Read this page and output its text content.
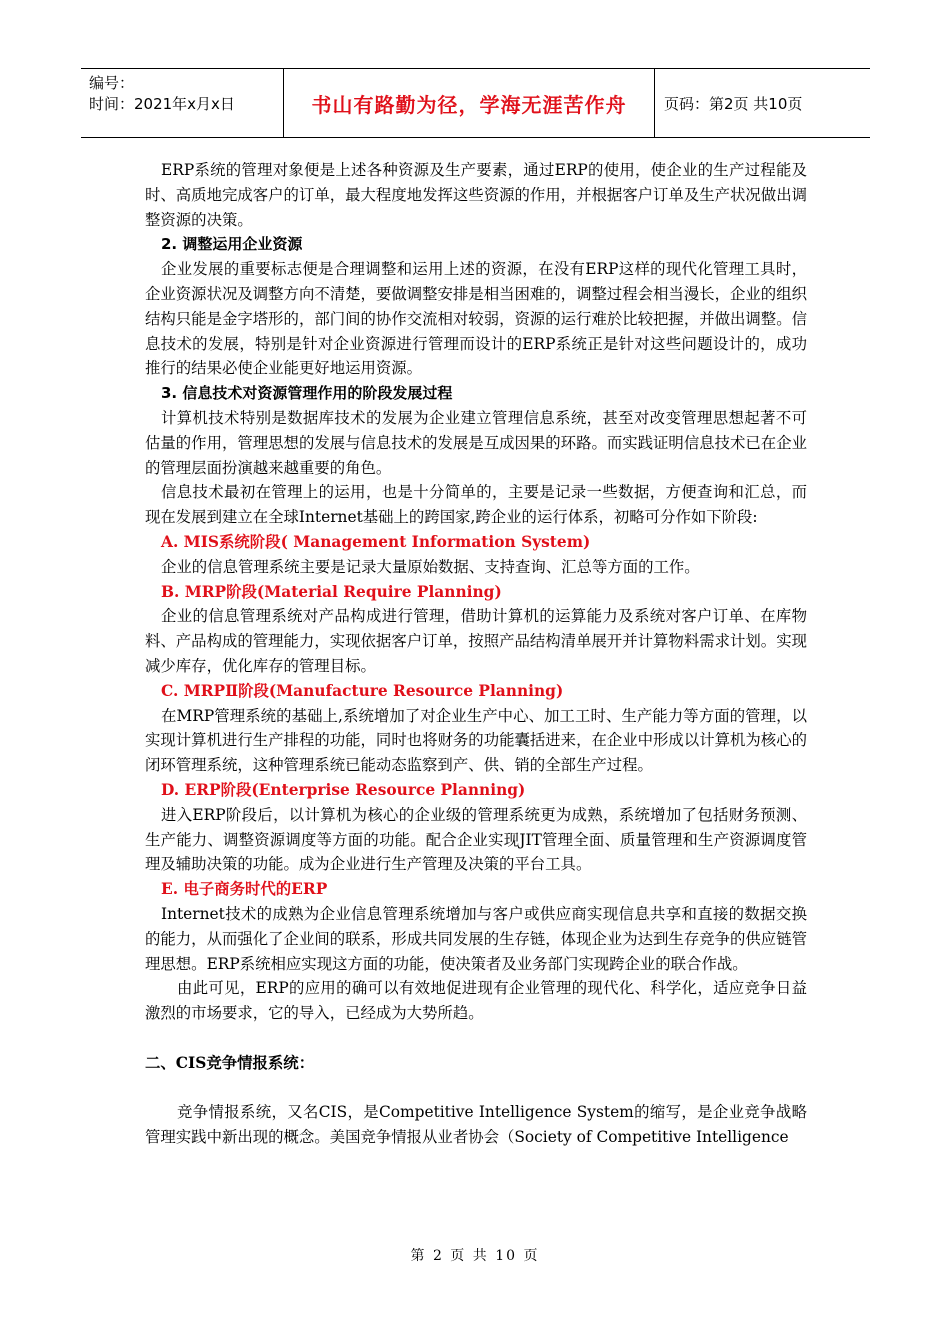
编号：
时间：2021年x月x日	书山有路勤为径，学海无涯苦作舟	页码：第2页 共10页

ERP系统的管理对象便是上述各种资源及生产要素，通过ERP的使用，使企业的生产过程能及时、高质地完成客户的订单，最大程度地发挥这些资源的作用，并根据客户订单及生产状况做出调整资源的决策。

2. 调整运用企业资源

企业发展的重要标志便是合理调整和运用上述的资源，在没有ERP这样的现代化管理工具时，企业资源状况及调整方向不清楚，要做调整安排是相当困难的，调整过程会相当漫长，企业的组织结构只能是金字塔形的，部门间的协作交流相对较弱，资源的运行难於比较把握，并做出调整。信息技术的发展，特别是针对企业资源进行管理而设计的ERP系统正是针对这些问题设计的，成功推行的结果必使企业能更好地运用资源。

3. 信息技术对资源管理作用的阶段发展过程

计算机技术特别是数据库技术的发展为企业建立管理信息系统，甚至对改变管理思想起著不可估量的作用，管理思想的发展与信息技术的发展是互成因果的环路。而实践证明信息技术已在企业的管理层面扮演越来越重要的角色。

信息技术最初在管理上的运用，也是十分简单的，主要是记录一些数据，方便查询和汇总，而现在发展到建立在全球Internet基础上的跨国家,跨企业的运行体系，初略可分作如下阶段:

A. MIS系统阶段( Management Information System)

企业的信息管理系统主要是记录大量原始数据、支持查询、汇总等方面的工作。

B. MRP阶段(Material Require Planning)

企业的信息管理系统对产品构成进行管理，借助计算机的运算能力及系统对客户订单、在库物料、产品构成的管理能力，实现依据客户订单，按照产品结构清单展开并计算物料需求计划。实现减少库存，优化库存的管理目标。

C. MRPⅡ阶段(Manufacture Resource Planning)

在MRP管理系统的基础上,系统增加了对企业生产中心、加工工时、生产能力等方面的管理，以实现计算机进行生产排程的功能，同时也将财务的功能囊括进来，在企业中形成以计算机为核心的闭环管理系统，这种管理系统已能动态监察到产、供、销的全部生产过程。

D. ERP阶段(Enterprise Resource Planning)

进入ERP阶段后，以计算机为核心的企业级的管理系统更为成熟，系统增加了包括财务预测、生产能力、调整资源调度等方面的功能。配合企业实现JIT管理全面、质量管理和生产资源调度管理及辅助决策的功能。成为企业进行生产管理及决策的平台工具。

E. 电子商务时代的ERP

Internet技术的成熟为企业信息管理系统增加与客户或供应商实现信息共享和直接的数据交换的能力，从而强化了企业间的联系，形成共同发展的生存链，体现企业为达到生存竞争的供应链管理思想。ERP系统相应实现这方面的功能，使决策者及业务部门实现跨企业的联合作战。

由此可见，ERP的应用的确可以有效地促进现有企业管理的现代化、科学化，适应竞争日益激烈的市场要求，它的导入，已经成为大势所趋。

二、CIS竞争情报系统：

竞争情报系统，又名CIS，是Competitive Intelligence System的缩写，是企业竞争战略管理实践中新出现的概念。美国竞争情报从业者协会（Society of Competitive Intelligence

第 2 页 共 10 页
